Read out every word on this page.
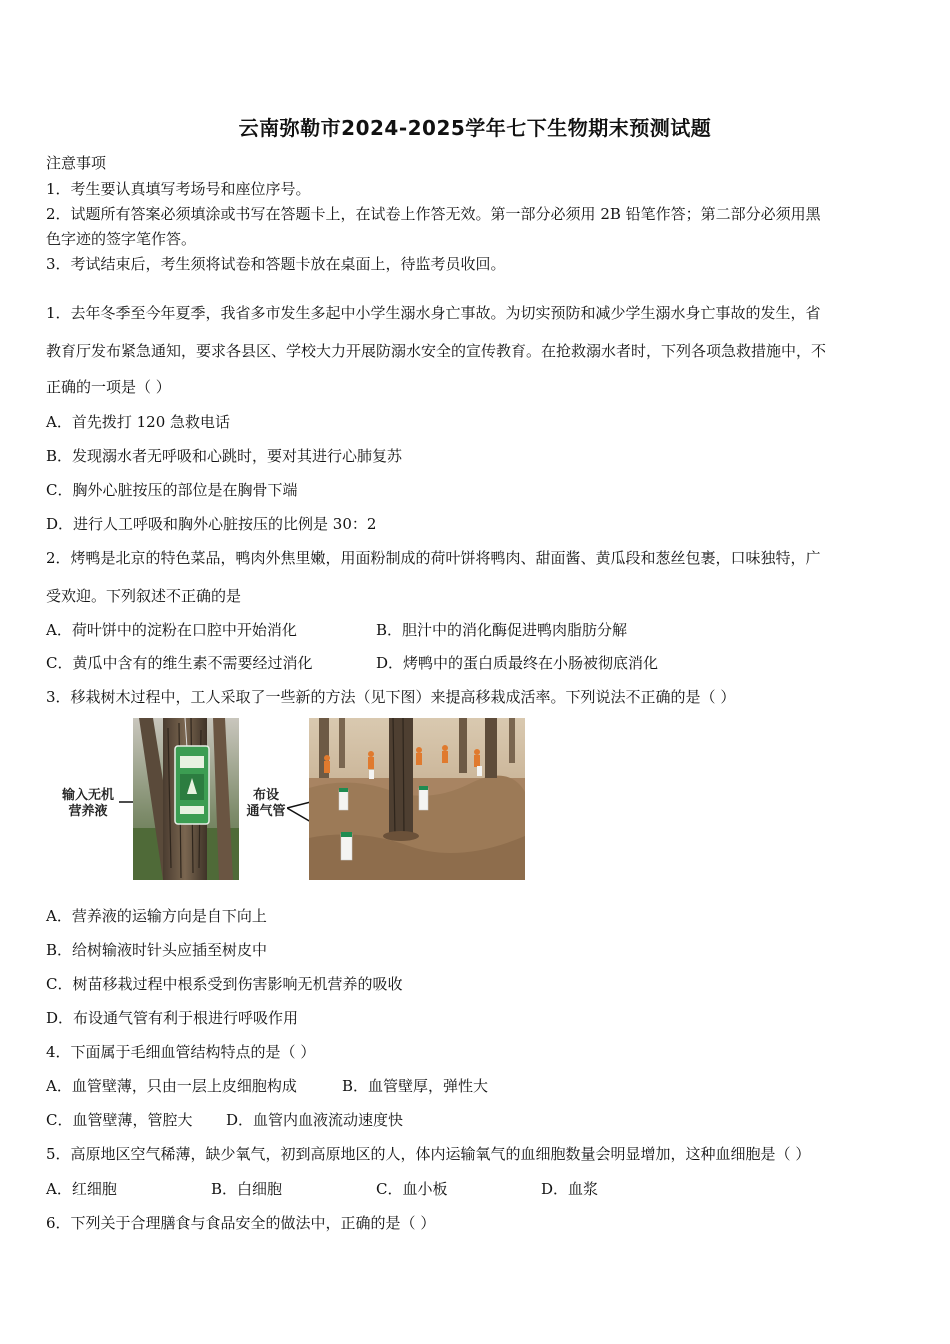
云南弥勒市2024-2025学年七下生物期末预测试题
注意事项
1．考生要认真填写考场号和座位序号。
2．试题所有答案必须填涂或书写在答题卡上，在试卷上作答无效。第一部分必须用 2B 铅笔作答；第二部分必须用黑
色字迹的签字笔作答。
3．考试结束后，考生须将试卷和答题卡放在桌面上，待监考员收回。
1．去年冬季至今年夏季，我省多市发生多起中小学生溺水身亡事故。为切实预防和减少学生溺水身亡事故的发生，省
教育厅发布紧急通知，要求各县区、学校大力开展防溺水安全的宣传教育。在抢救溺水者时，下列各项急救措施中，不
正确的一项是（ ）
A．首先拨打 120 急救电话
B．发现溺水者无呼吸和心跳时，要对其进行心肺复苏
C．胸外心脏按压的部位是在胸骨下端
D．进行人工呼吸和胸外心脏按压的比例是 30：2
2．烤鸭是北京的特色菜品，鸭肉外焦里嫩，用面粉制成的荷叶饼将鸭肉、甜面酱、黄瓜段和葱丝包裹，口味独特，广
受欢迎。下列叙述不正确的是
A．荷叶饼中的淀粉在口腔中开始消化	B．胆汁中的消化酶促进鸭肉脂肪分解
C．黄瓜中含有的维生素不需要经过消化	D．烤鸭中的蛋白质最终在小肠被彻底消化
3．移栽树木过程中，工人采取了一些新的方法（见下图）来提高移栽成活率。下列说法不正确的是（ ）
输入无机
营养液
布设
通气管
A．营养液的运输方向是自下向上
B．给树输液时针头应插至树皮中
C．树苗移栽过程中根系受到伤害影响无机营养的吸收
D．布设通气管有利于根进行呼吸作用
4．下面属于毛细血管结构特点的是（ ）
A．血管壁薄，只由一层上皮细胞构成	B．血管壁厚，弹性大
C．血管壁薄，管腔大 D．血管内血液流动速度快
5．高原地区空气稀薄，缺少氧气，初到高原地区的人，体内运输氧气的血细胞数量会明显增加，这种血细胞是（ ）
A．红细胞	B．白细胞	C．血小板	D．血浆
6．下列关于合理膳食与食品安全的做法中，正确的是（ ）
